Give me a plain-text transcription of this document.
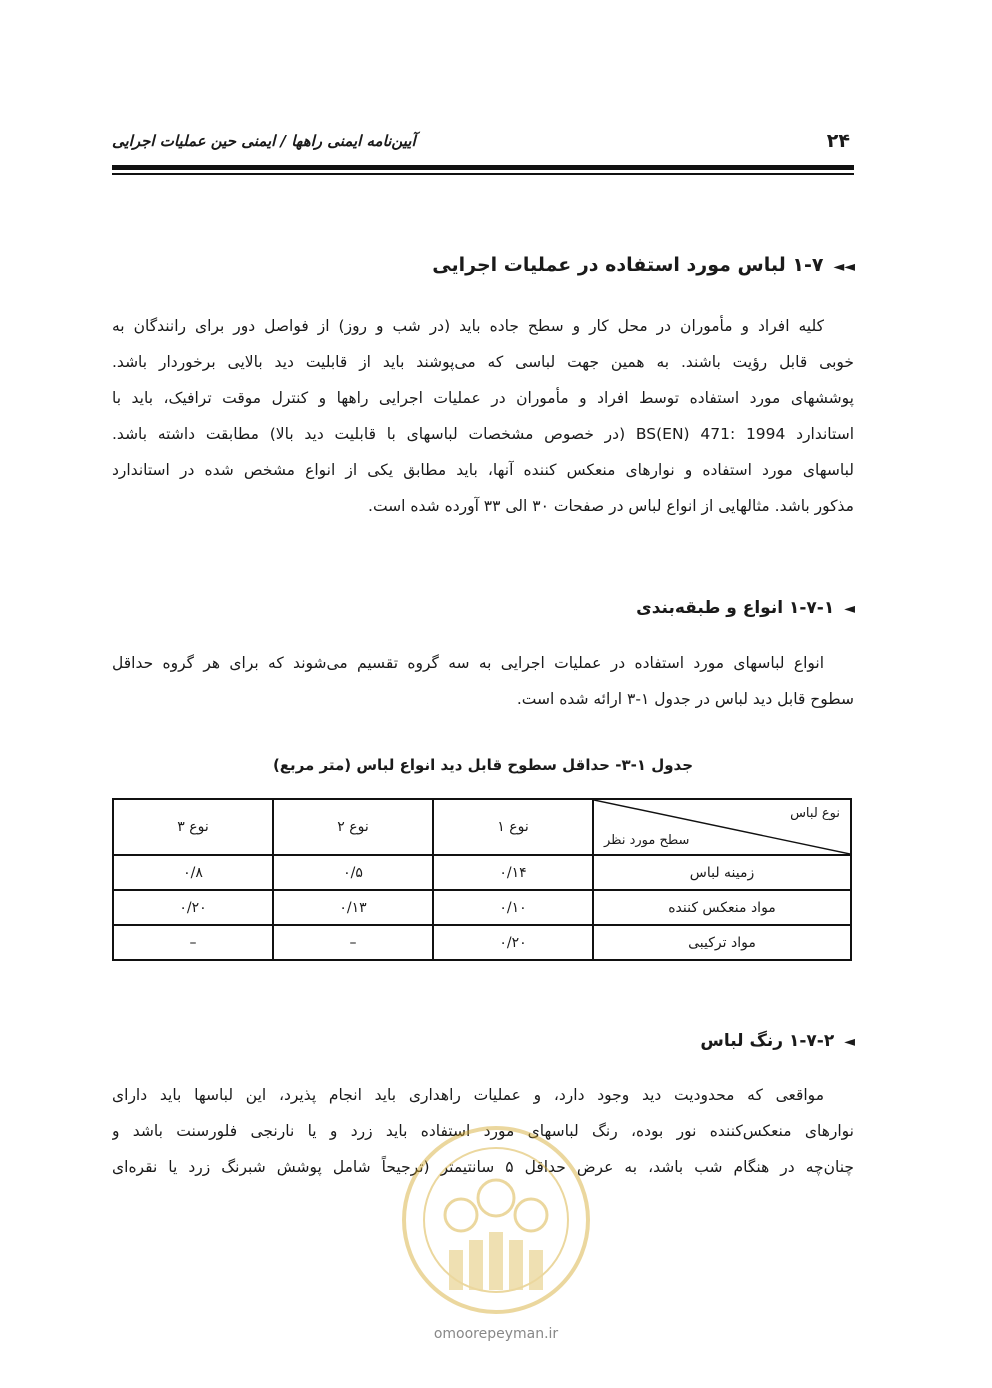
۲۴
آیین‌نامه ایمنی راهها / ایمنی حین عملیات اجرایی
◄◄۱-۷ لباس مورد استفاده در عملیات اجرایی
کلیه افراد و مأموران در محل کار و سطح جاده باید (در شب و روز) از فواصل دور برای رانندگان به
خوبی قابل رؤیت باشند. به همین جهت لباسی که می‌پوشند باید از قابلیت دید بالایی برخوردار باشد.
پوششهای مورد استفاده توسط افراد و مأموران در عملیات اجرایی راهها و کنترل موقت ترافیک، باید با
استاندارد BS(EN) 471: 1994 (در خصوص مشخصات لباسهای با قابلیت دید بالا) مطابقت داشته باشد.
لباسهای مورد استفاده و نوارهای منعکس کننده آنها، باید مطابق یکی از انواع مشخص شده در استاندارد
مذکور باشد. مثالهایی از انواع لباس در صفحات ۳۰ الی ۳۳ آورده شده است.
◄۱-۷-۱ انواع و طبقه‌بندی
انواع لباسهای مورد استفاده در عملیات اجرایی به سه گروه تقسیم می‌شوند که برای هر گروه حداقل
سطوح قابل دید لباس در جدول ۱-۳ ارائه شده است.
جدول ۱-۳- حداقل سطوح قابل دید انواع لباس (متر مربع)
نوع لباس
سطح مورد نظر	نوع ۱	نوع ۲	نوع ۳
زمینه لباس	۰/۱۴	۰/۵	۰/۸
مواد منعکس کننده	۰/۱۰	۰/۱۳	۰/۲۰
مواد ترکیبی	۰/۲۰	–	–
◄۱-۷-۲ رنگ لباس
مواقعی که محدودیت دید وجود دارد، و عملیات راهداری باید انجام پذیرد، این لباسها باید دارای
نوارهای منعکس‌کننده نور بوده، رنگ لباسهای مورد استفاده باید زرد و یا نارنجی فلورسنت باشد و
چنان‌چه در هنگام شب باشد، به عرض حداقل ۵ سانتیمتر (ترجیحاً شامل پوشش شبرنگ زرد یا نقره‌ای
omoorepeyman.ir
